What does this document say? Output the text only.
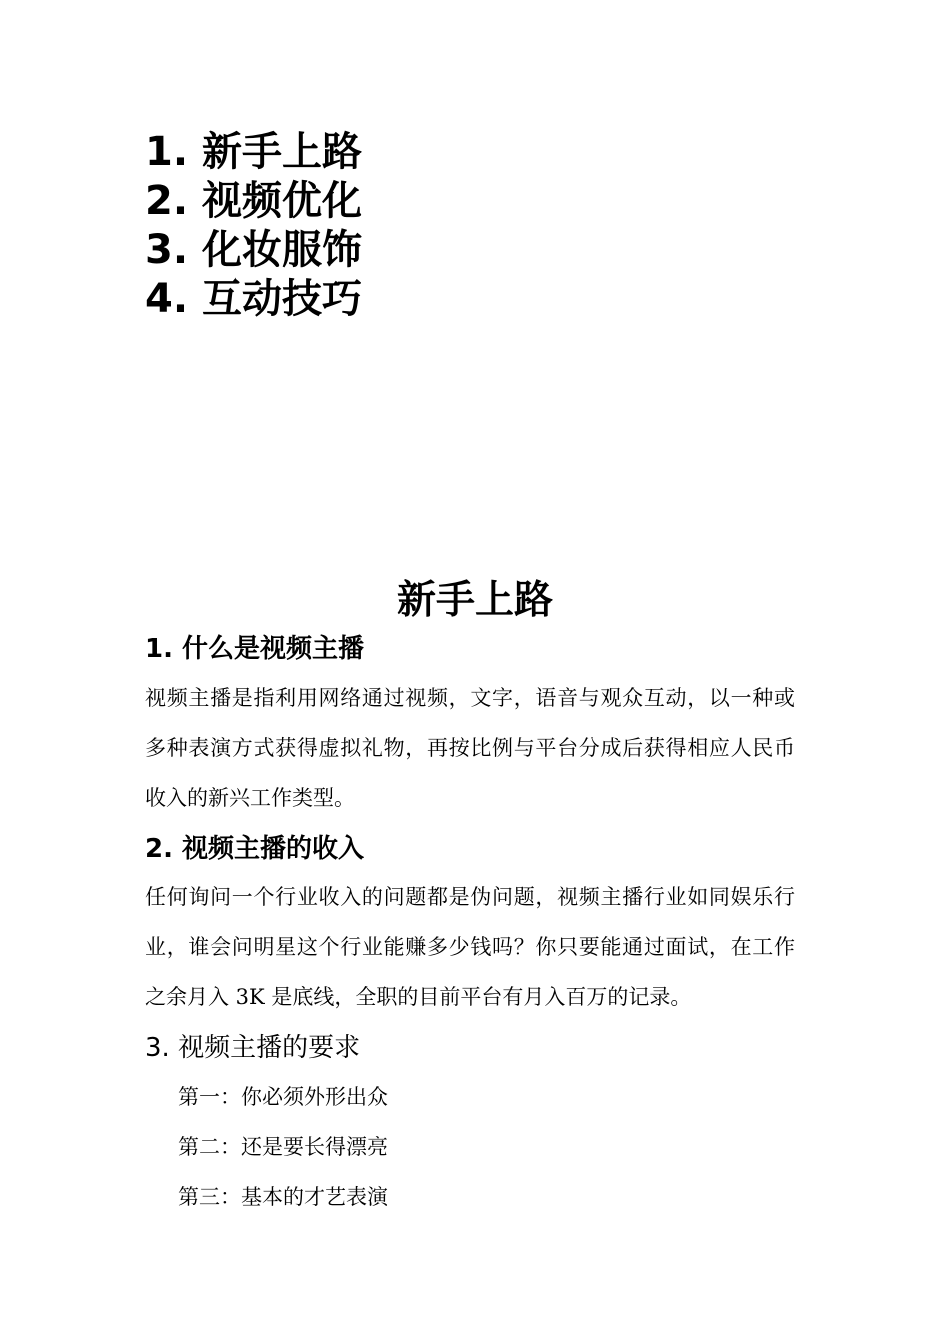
1. 新手上路
2. 视频优化
3. 化妆服饰
4. 互动技巧
新手上路
1. 什么是视频主播

视频主播是指利用网络通过视频，文字，语音与观众互动，以一种或多种表演方式获得虚拟礼物，再按比例与平台分成后获得相应人民币收入的新兴工作类型。

2. 视频主播的收入

任何询问一个行业收入的问题都是伪问题，视频主播行业如同娱乐行业，谁会问明星这个行业能赚多少钱吗？你只要能通过面试，在工作之余月入 3K 是底线，全职的目前平台有月入百万的记录。

3. 视频主播的要求
第一：你必须外形出众
第二：还是要长得漂亮
第三：基本的才艺表演
